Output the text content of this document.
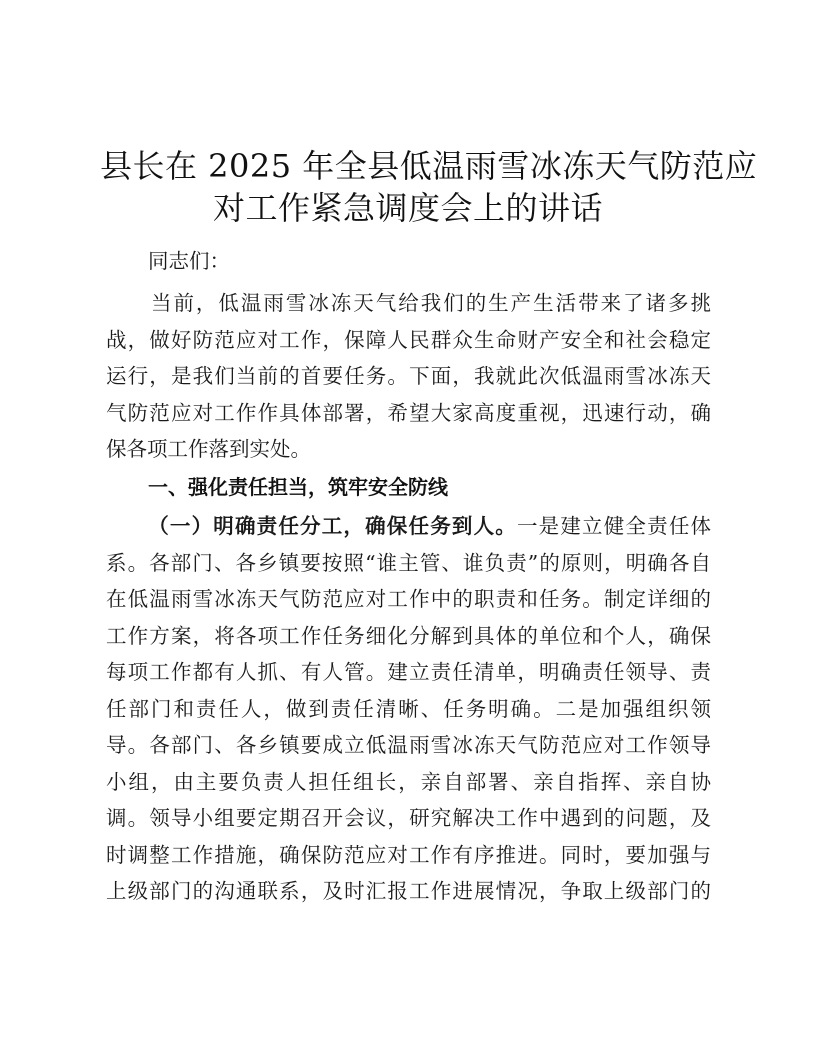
县长在 2025 年全县低温雨雪冰冻天气防范应
对工作紧急调度会上的讲话
同志们：
　　当前，低温雨雪冰冻天气给我们的生产生活带来了诸多挑
战，做好防范应对工作，保障人民群众生命财产安全和社会稳定
运行，是我们当前的首要任务。下面，我就此次低温雨雪冰冻天
气防范应对工作作具体部署，希望大家高度重视，迅速行动，确
保各项工作落到实处。
一、强化责任担当，筑牢安全防线
（一）明确责任分工，确保任务到人。一是建立健全责任体
系。各部门、各乡镇要按照“谁主管、谁负责”的原则，明确各自
在低温雨雪冰冻天气防范应对工作中的职责和任务。制定详细的
工作方案，将各项工作任务细化分解到具体的单位和个人，确保
每项工作都有人抓、有人管。建立责任清单，明确责任领导、责
任部门和责任人，做到责任清晰、任务明确。二是加强组织领
导。各部门、各乡镇要成立低温雨雪冰冻天气防范应对工作领导
小组，由主要负责人担任组长，亲自部署、亲自指挥、亲自协
调。领导小组要定期召开会议，研究解决工作中遇到的问题，及
时调整工作措施，确保防范应对工作有序推进。同时，要加强与
上级部门的沟通联系，及时汇报工作进展情况，争取上级部门的
